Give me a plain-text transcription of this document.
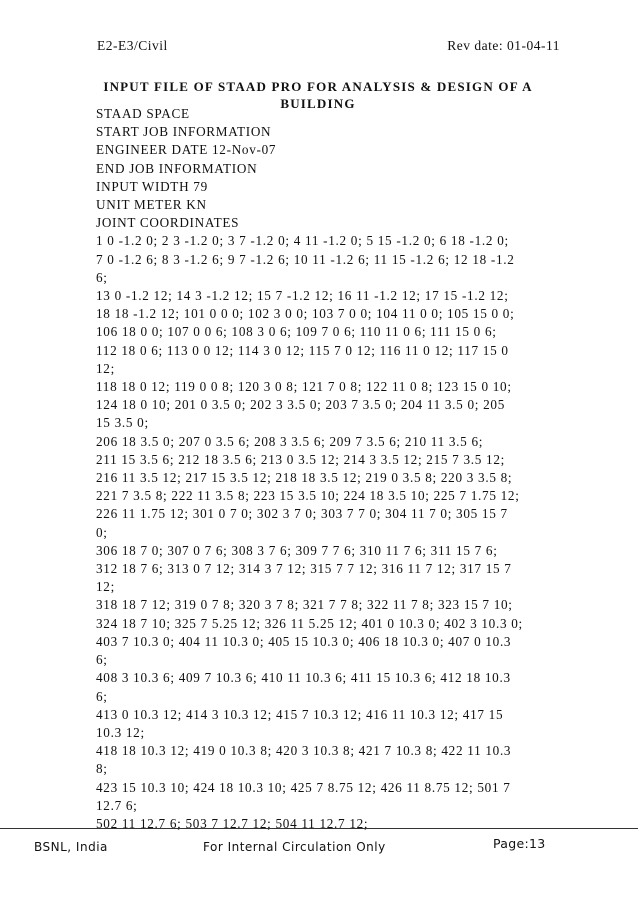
E2-E3/Civil	Rev date: 01-04-11
INPUT FILE OF STAAD PRO FOR ANALYSIS & DESIGN OF A BUILDING
STAAD SPACE
START JOB INFORMATION
ENGINEER DATE 12-Nov-07
END JOB INFORMATION
INPUT WIDTH 79
UNIT METER KN
JOINT COORDINATES
1 0 -1.2 0; 2 3 -1.2 0; 3 7 -1.2 0; 4 11 -1.2 0; 5 15 -1.2 0; 6 18 -1.2 0;
7 0 -1.2 6; 8 3 -1.2 6; 9 7 -1.2 6; 10 11 -1.2 6; 11 15 -1.2 6; 12 18 -1.2
6;
13 0 -1.2 12; 14 3 -1.2 12; 15 7 -1.2 12; 16 11 -1.2 12; 17 15 -1.2 12;
18 18 -1.2 12; 101 0 0 0; 102 3 0 0; 103 7 0 0; 104 11 0 0; 105 15 0 0;
106 18 0 0; 107 0 0 6; 108 3 0 6; 109 7 0 6; 110 11 0 6; 111 15 0 6;
112 18 0 6; 113 0 0 12; 114 3 0 12; 115 7 0 12; 116 11 0 12; 117 15 0
12;
118 18 0 12; 119 0 0 8; 120 3 0 8; 121 7 0 8; 122 11 0 8; 123 15 0 10;
124 18 0 10; 201 0 3.5 0; 202 3 3.5 0; 203 7 3.5 0; 204 11 3.5 0; 205
15 3.5 0;
206 18 3.5 0; 207 0 3.5 6; 208 3 3.5 6; 209 7 3.5 6; 210 11 3.5 6;
211 15 3.5 6; 212 18 3.5 6; 213 0 3.5 12; 214 3 3.5 12; 215 7 3.5 12;
216 11 3.5 12; 217 15 3.5 12; 218 18 3.5 12; 219 0 3.5 8; 220 3 3.5 8;
221 7 3.5 8; 222 11 3.5 8; 223 15 3.5 10; 224 18 3.5 10; 225 7 1.75 12;
226 11 1.75 12; 301 0 7 0; 302 3 7 0; 303 7 7 0; 304 11 7 0; 305 15 7
0;
306 18 7 0; 307 0 7 6; 308 3 7 6; 309 7 7 6; 310 11 7 6; 311 15 7 6;
312 18 7 6; 313 0 7 12; 314 3 7 12; 315 7 7 12; 316 11 7 12; 317 15 7
12;
318 18 7 12; 319 0 7 8; 320 3 7 8; 321 7 7 8; 322 11 7 8; 323 15 7 10;
324 18 7 10; 325 7 5.25 12; 326 11 5.25 12; 401 0 10.3 0; 402 3 10.3 0;
403 7 10.3 0; 404 11 10.3 0; 405 15 10.3 0; 406 18 10.3 0; 407 0 10.3
6;
408 3 10.3 6; 409 7 10.3 6; 410 11 10.3 6; 411 15 10.3 6; 412 18 10.3
6;
413 0 10.3 12; 414 3 10.3 12; 415 7 10.3 12; 416 11 10.3 12; 417 15
10.3 12;
418 18 10.3 12; 419 0 10.3 8; 420 3 10.3 8; 421 7 10.3 8; 422 11 10.3
8;
423 15 10.3 10; 424 18 10.3 10; 425 7 8.75 12; 426 11 8.75 12; 501 7
12.7 6;
502 11 12.7 6; 503 7 12.7 12; 504 11 12.7 12;
BSNL, India	For Internal Circulation Only	Page:13
